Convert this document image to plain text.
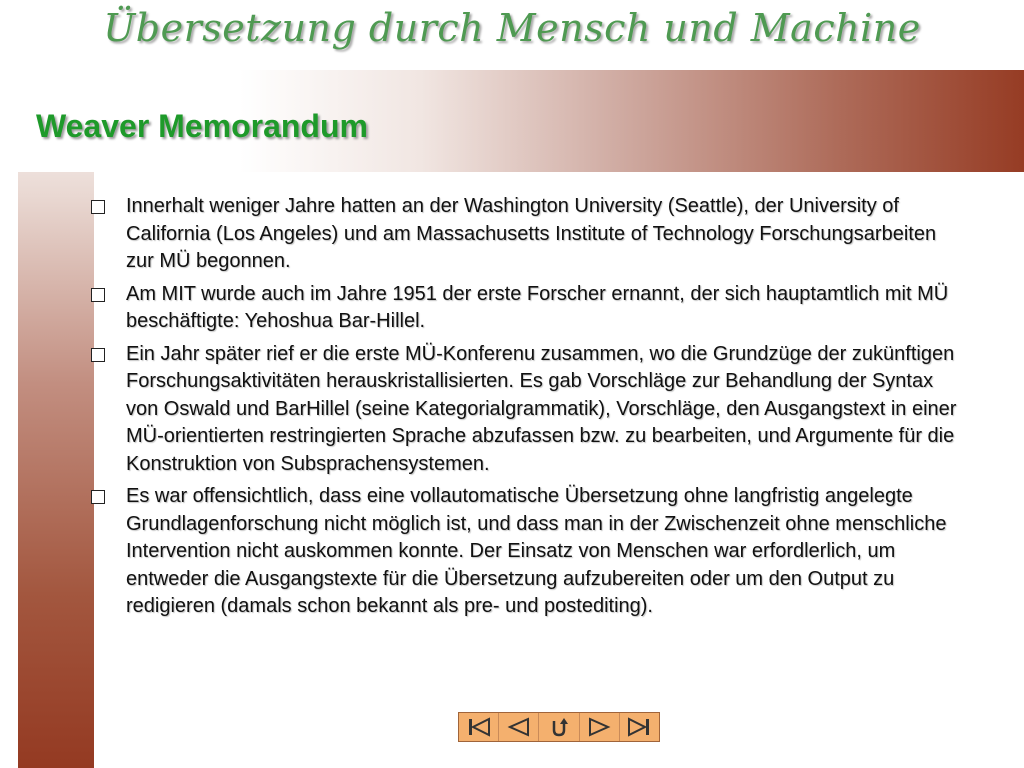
Übersetzung durch Mensch und Machine
Weaver Memorandum
Innerhalt weniger Jahre hatten an der Washington University (Seattle), der University of California (Los Angeles) und am Massachusetts Institute of Technology Forschungsarbeiten zur MÜ begonnen.
Am MIT wurde auch im Jahre 1951 der erste Forscher ernannt, der sich hauptamtlich mit MÜ beschäftigte: Yehoshua Bar-Hillel.
Ein Jahr später rief er die erste MÜ-Konferenu zusammen, wo die Grundzüge der zukünftigen Forschungsaktivitäten herauskristallisierten. Es gab Vorschläge zur Behandlung der Syntax von Oswald und BarHillel (seine Kategorialgrammatik), Vorschläge, den Ausgangstext in einer MÜ-orientierten restringierten Sprache abzufassen bzw. zu bearbeiten, und Argumente für die Konstruktion von Subsprachensystemen.
Es war offensichtlich, dass eine vollautomatische Übersetzung ohne langfristig angelegte Grundlagenforschung nicht möglich ist, und dass man in der Zwischenzeit ohne menschliche Intervention nicht auskommen konnte. Der Einsatz von Menschen war erfordlerlich, um entweder die Ausgangstexte für die Übersetzung aufzubereiten oder um den Output zu redigieren (damals schon bekannt als pre- und postediting).
